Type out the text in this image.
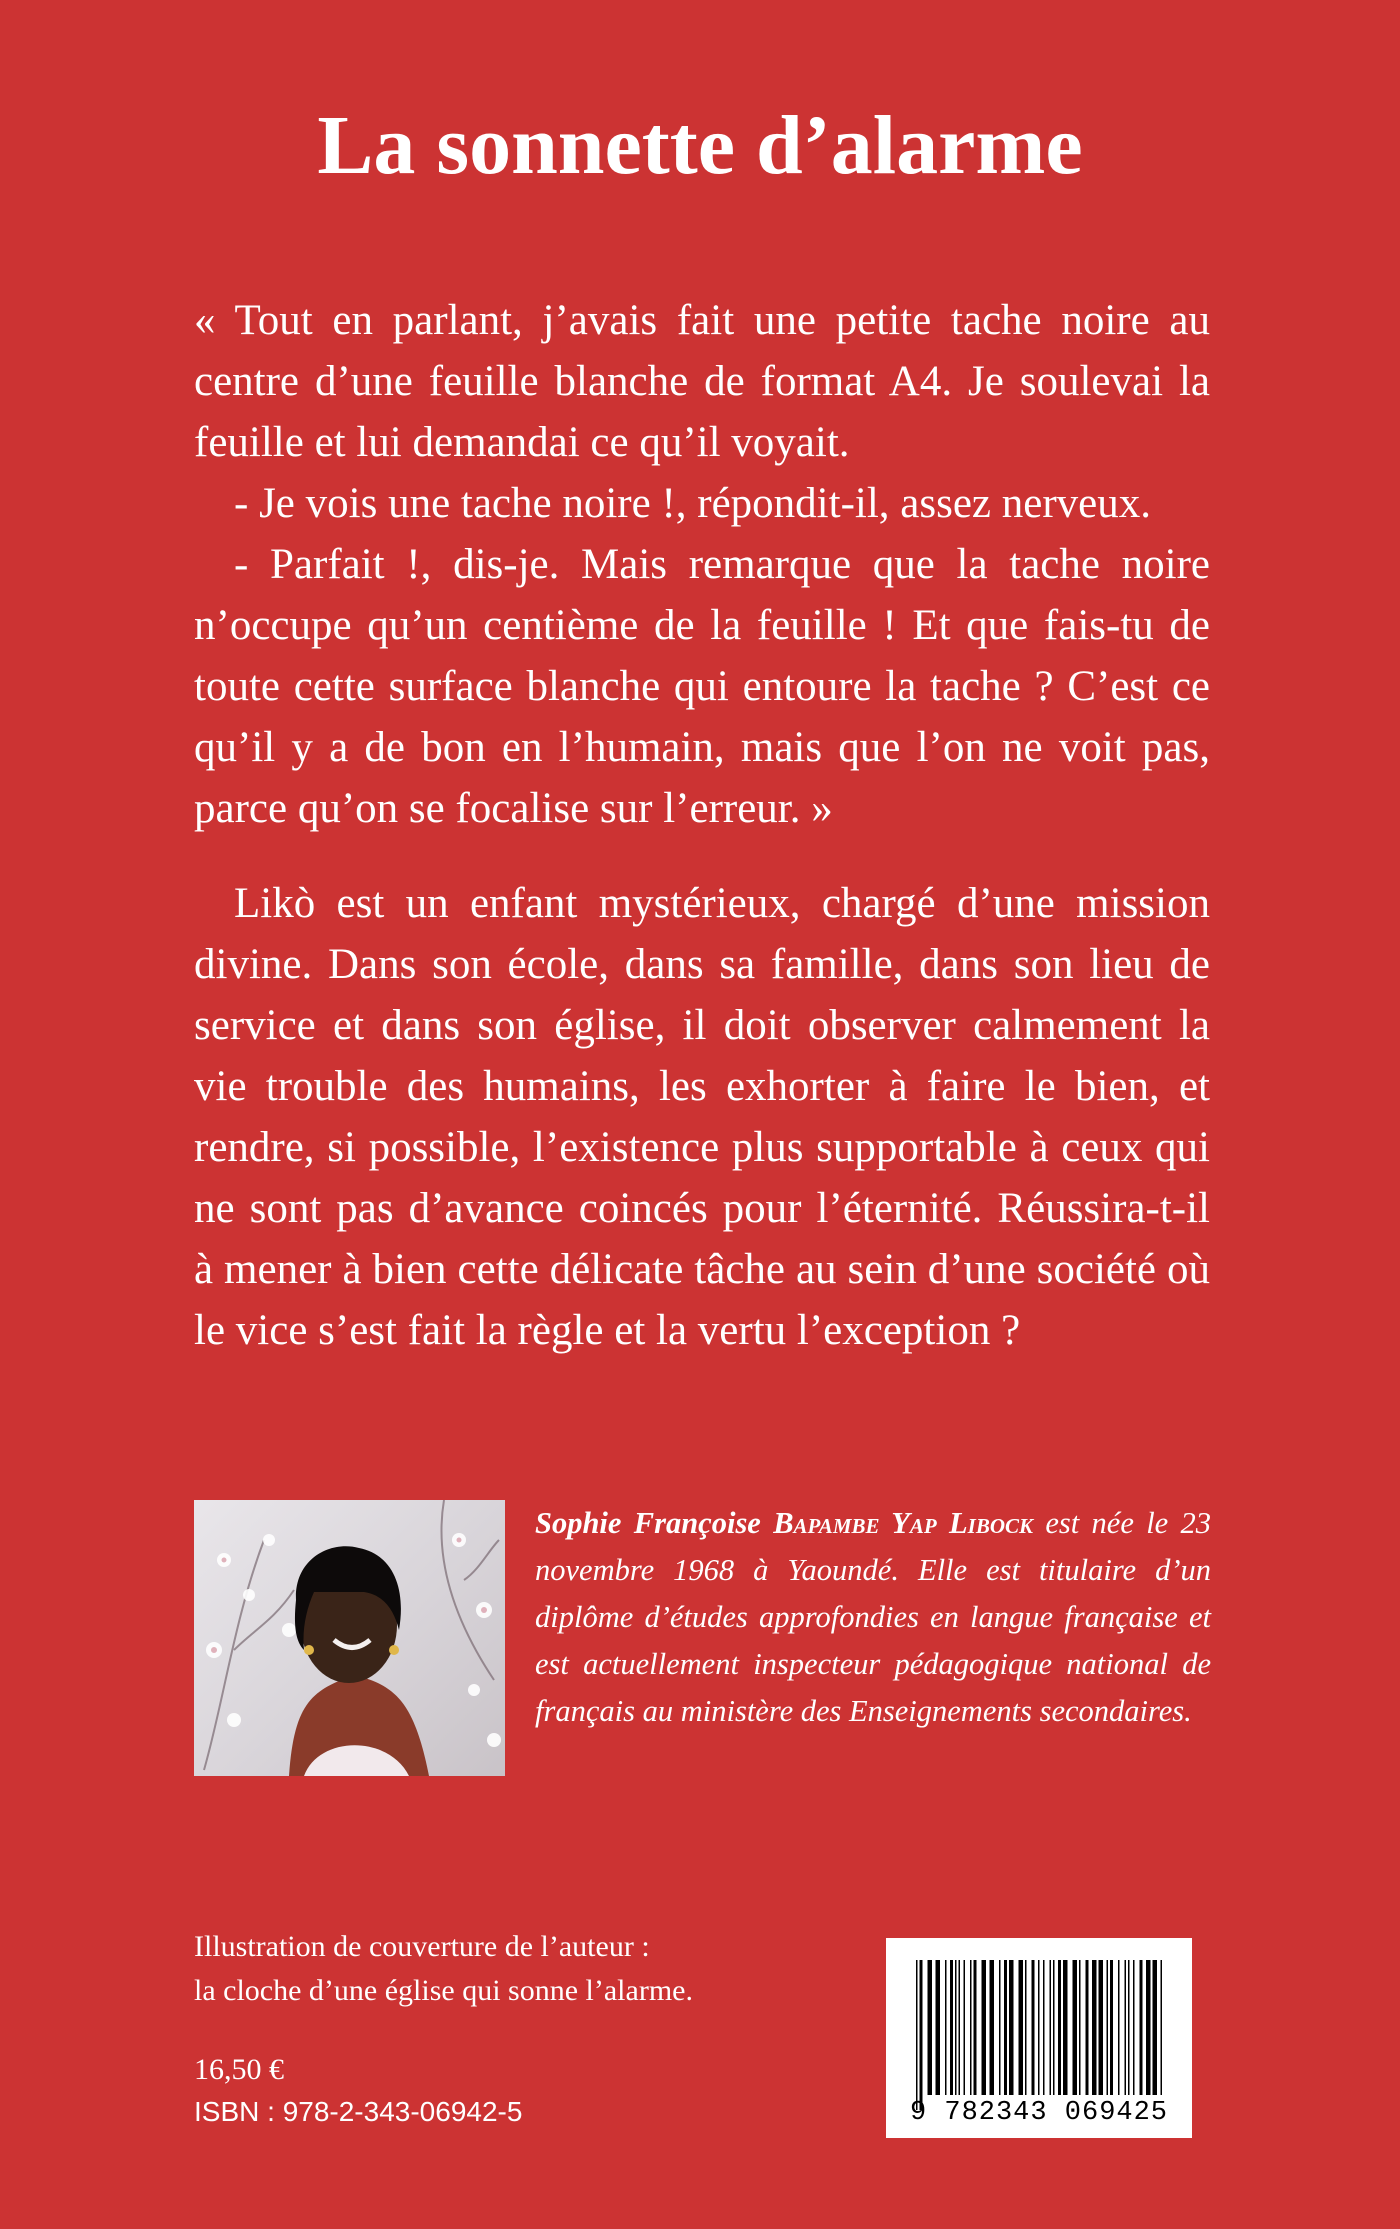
La sonnette d’alarme

« Tout en parlant, j’avais fait une petite tache noire au centre d’une feuille blanche de format A4. Je soulevai la feuille et lui demandai ce qu’il voyait.

- Je vois une tache noire !, répondit-il, assez nerveux.

- Parfait !, dis-je. Mais remarque que la tache noire n’occupe qu’un centième de la feuille ! Et que fais-tu de toute cette surface blanche qui entoure la tache ? C’est ce qu’il y a de bon en l’humain, mais que l’on ne voit pas, parce qu’on se focalise sur l’erreur. »

Likò est un enfant mystérieux, chargé d’une mission divine. Dans son école, dans sa famille, dans son lieu de service et dans son église, il doit observer calmement la vie trouble des humains, les exhorter à faire le bien, et rendre, si possible, l’existence plus supportable à ceux qui ne sont pas d’avance coincés pour l’éternité. Réussira-t-il à mener à bien cette délicate tâche au sein d’une société où le vice s’est fait la règle et la vertu l’exception ?

Sophie Françoise Bapambe Yap Libock est née le 23 novembre 1968 à Yaoundé. Elle est titulaire d’un diplôme d’études approfondies en langue française et est actuellement inspecteur pédagogique national de français au ministère des Enseignements secondaires.
Illustration de couverture de l’auteur :
la cloche d’une église qui sonne l’alarme.
16,50 €
ISBN : 978-2-343-06942-5	9 782343 069425
